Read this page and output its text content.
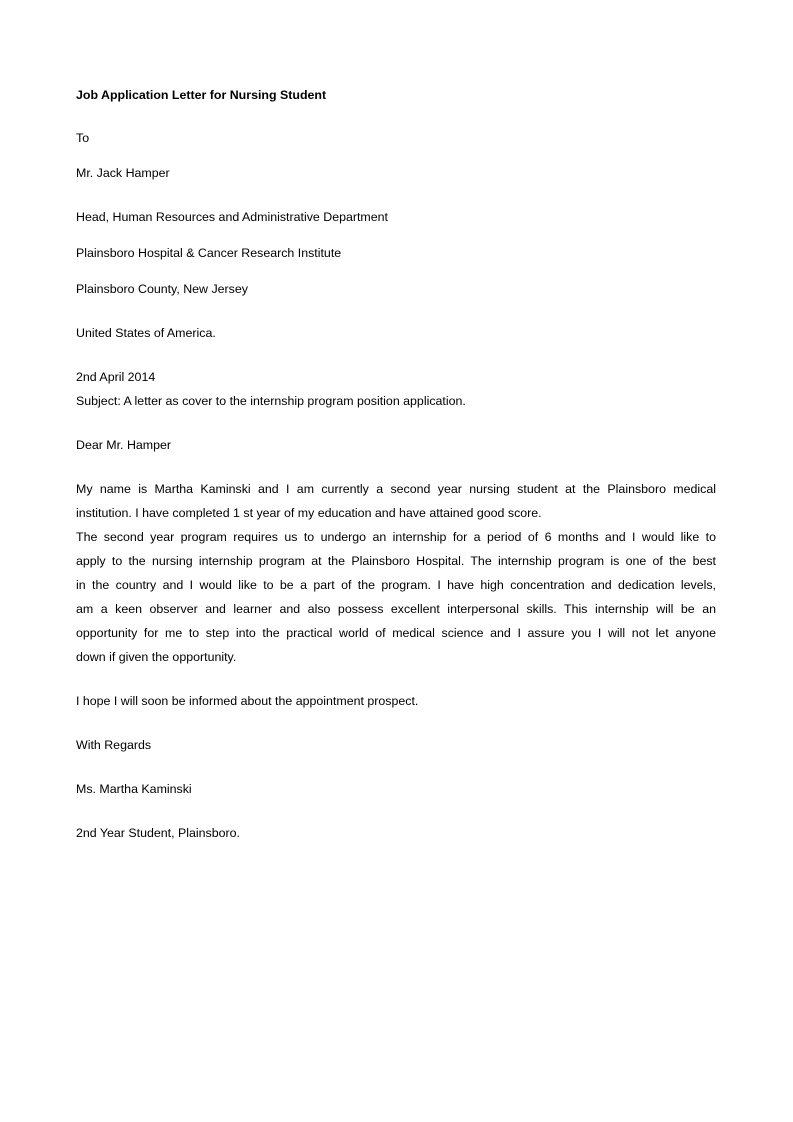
Job Application Letter for Nursing Student

To

Mr. Jack Hamper

Head, Human Resources and Administrative Department

Plainsboro Hospital & Cancer Research Institute

Plainsboro County, New Jersey

United States of America.

2nd April 2014

Subject: A letter as cover to the internship program position application.

Dear Mr. Hamper

My name is Martha Kaminski and I am currently a second year nursing student at the Plainsboro medical
institution. I have completed 1 st year of my education and have attained good score.
The second year program requires us to undergo an internship for a period of 6 months and I would like to
apply to the nursing internship program at the Plainsboro Hospital. The internship program is one of the best
in the country and I would like to be a part of the program. I have high concentration and dedication levels,
am a keen observer and learner and also possess excellent interpersonal skills. This internship will be an
opportunity for me to step into the practical world of medical science and I assure you I will not let anyone
down if given the opportunity.

I hope I will soon be informed about the appointment prospect.

With Regards

Ms. Martha Kaminski

2nd Year Student, Plainsboro.
